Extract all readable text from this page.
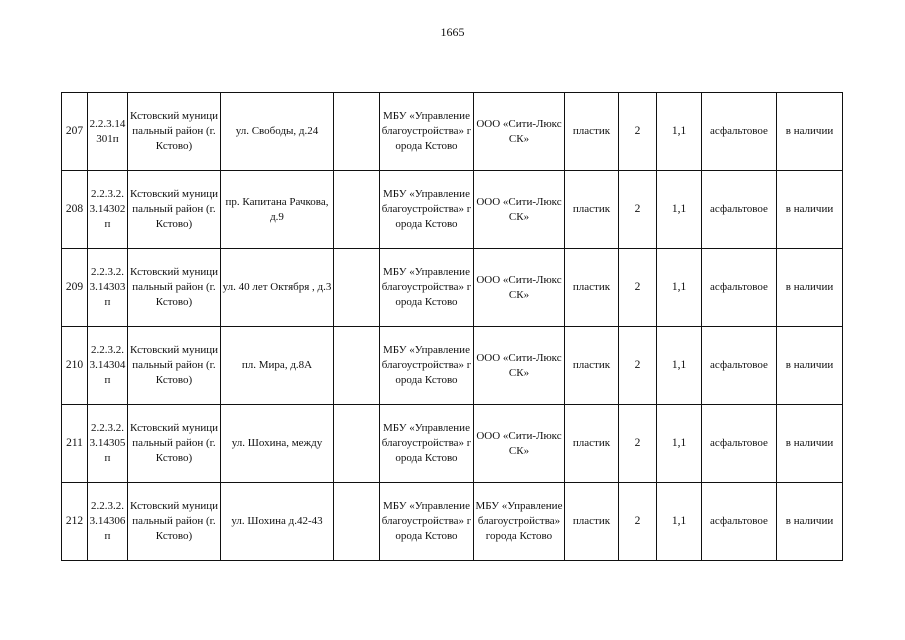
1665
207	2.2.3.14301п	Кстовский муниципальный район (г. Кстово)	ул. Свободы, д.24		МБУ «Управление благоустройства» города Кстово	ООО «Сити-Люкс СК»	пластик	2	1,1	асфальтовое	в наличии
208	2.2.3.2.3.14302п	Кстовский муниципальный район (г. Кстово)	пр. Капитана Рачкова, д.9		МБУ «Управление благоустройства» города Кстово	ООО «Сити-Люкс СК»	пластик	2	1,1	асфальтовое	в наличии
209	2.2.3.2.3.14303п	Кстовский муниципальный район (г. Кстово)	ул. 40 лет Октября , д.3		МБУ «Управление благоустройства» города Кстово	ООО «Сити-Люкс СК»	пластик	2	1,1	асфальтовое	в наличии
210	2.2.3.2.3.14304п	Кстовский муниципальный район (г. Кстово)	пл. Мира, д.8А		МБУ «Управление благоустройства» города Кстово	ООО «Сити-Люкс СК»	пластик	2	1,1	асфальтовое	в наличии
211	2.2.3.2.3.14305п	Кстовский муниципальный район (г. Кстово)	ул. Шохина, между		МБУ «Управление благоустройства» города Кстово	ООО «Сити-Люкс СК»	пластик	2	1,1	асфальтовое	в наличии
212	2.2.3.2.3.14306п	Кстовский муниципальный район (г. Кстово)	ул. Шохина д.42-43		МБУ «Управление благоустройства» города Кстово	МБУ «Управление благоустройства» города Кстово	пластик	2	1,1	асфальтовое	в наличии
